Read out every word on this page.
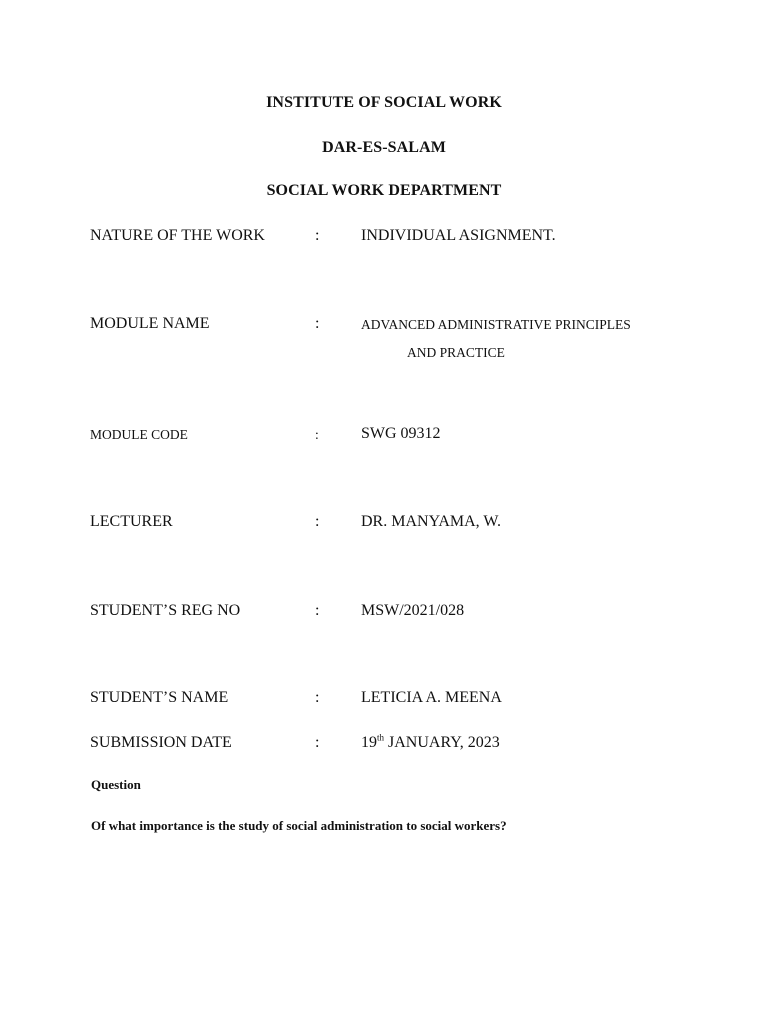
INSTITUTE OF SOCIAL WORK
DAR-ES-SALAM
SOCIAL WORK DEPARTMENT
NATURE OF THE WORK	:	INDIVIDUAL ASIGNMENT.
MODULE NAME	:	ADVANCED ADMINISTRATIVE PRINCIPLES
AND PRACTICE
MODULE CODE	:	SWG 09312
LECTURER	:	DR. MANYAMA, W.
STUDENT’S REG NO	:	MSW/2021/028
STUDENT’S NAME	:	LETICIA A. MEENA
SUBMISSION DATE	:	19th JANUARY, 2023
Question
Of what importance is the study of social administration to social workers?
